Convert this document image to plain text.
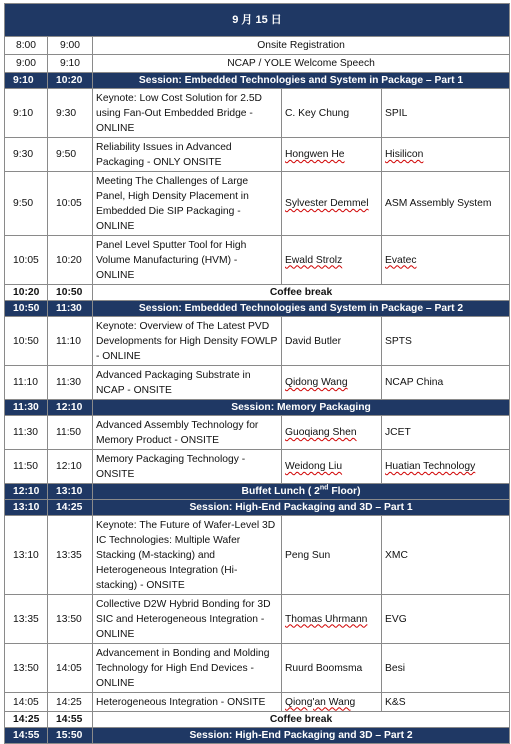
9 月 15 日				
8:00	9:00	Onsite Registration		
9:00	9:10	NCAP / YOLE Welcome Speech		
9:10	10:20	Session: Embedded Technologies and System in Package – Part 1		
9:10	9:30	Keynote: Low Cost Solution for 2.5D using Fan-Out Embedded Bridge - ONLINE	C. Key Chung	SPIL
9:30	9:50	Reliability Issues in Advanced Packaging - ONLY ONSITE	Hongwen He	Hisilicon
9:50	10:05	Meeting The Challenges of Large Panel, High Density Placement in Embedded Die SIP Packaging - ONLINE	Sylvester Demmel	ASM Assembly System
10:05	10:20	Panel Level Sputter Tool for High Volume Manufacturing (HVM) - ONLINE	Ewald Strolz	Evatec
10:20	10:50	Coffee break		
10:50	11:30	Session: Embedded Technologies and System in Package – Part 2		
10:50	11:10	Keynote: Overview of The Latest PVD Developments for High Density FOWLP - ONLINE	David Butler	SPTS
11:10	11:30	Advanced Packaging Substrate in NCAP - ONSITE	Qidong Wang	NCAP China
11:30	12:10	Session: Memory Packaging		
11:30	11:50	Advanced Assembly Technology for Memory Product - ONSITE	Guoqiang Shen	JCET
11:50	12:10	Memory Packaging Technology - ONSITE	Weidong Liu	Huatian Technology
12:10	13:10	Buffet Lunch ( 2nd Floor)		
13:10	14:25	Session: High-End Packaging and 3D – Part 1		
13:10	13:35	Keynote: The Future of Wafer-Level 3D IC Technologies: Multiple Wafer Stacking (M-stacking) and Heterogeneous Integration (Hi-stacking) - ONSITE	Peng Sun	XMC
13:35	13:50	Collective D2W Hybrid Bonding for 3D SIC and Heterogeneous Integration - ONLINE	Thomas Uhrmann	EVG
13:50	14:05	Advancement in Bonding and Molding Technology for High End Devices - ONLINE	Ruurd Boomsma	Besi
14:05	14:25	Heterogeneous Integration - ONSITE	Qiong'an Wang	K&S
14:25	14:55	Coffee break		
14:55	15:50	Session: High-End Packaging and 3D – Part 2		
